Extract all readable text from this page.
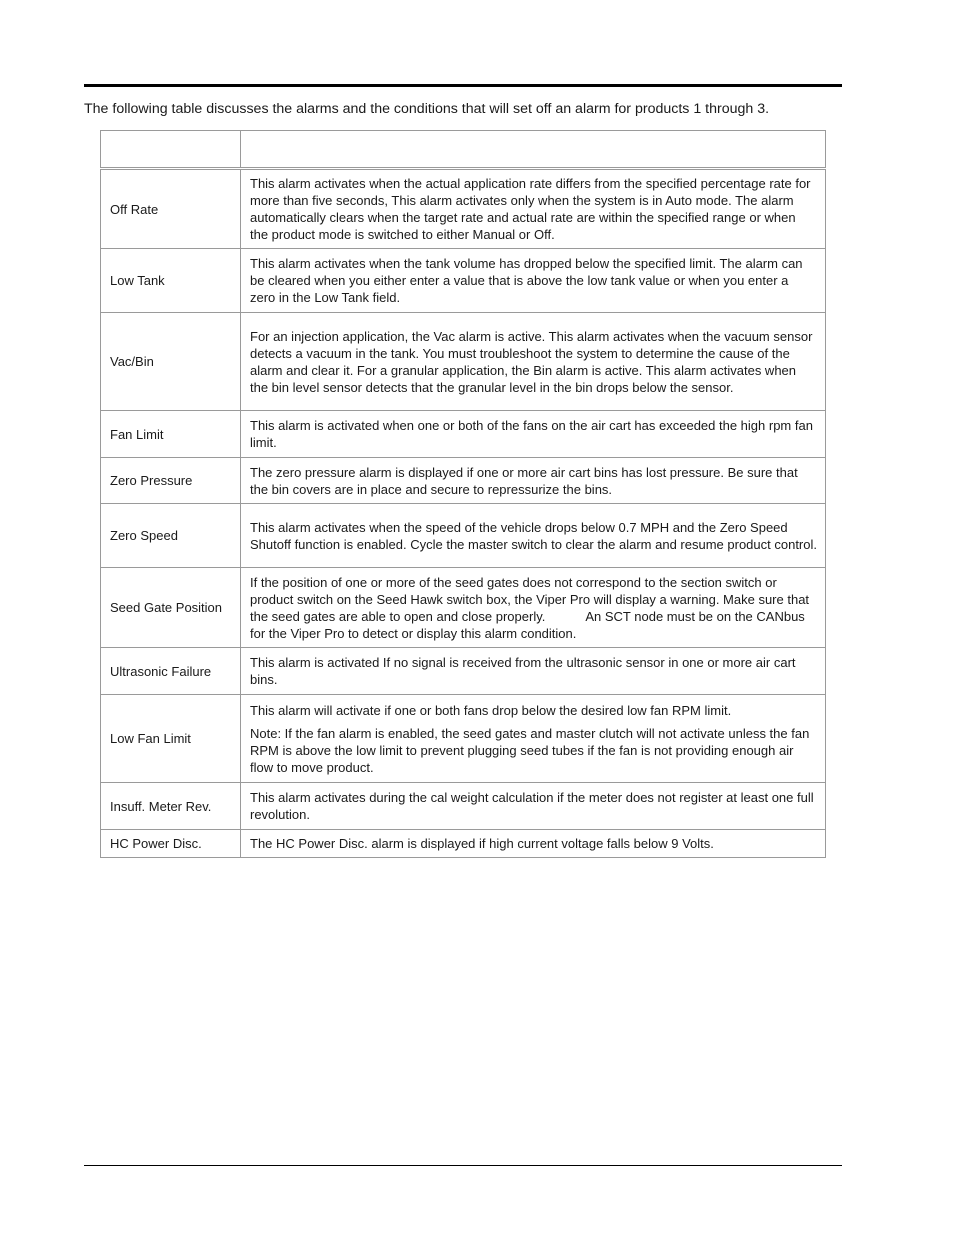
The following table discusses the alarms and the conditions that will set off an alarm for products 1 through 3.

Off Rate	This alarm activates when the actual application rate differs from the specified percentage rate for more than five seconds, This alarm activates only when the system is in Auto mode. The alarm automatically clears when the target rate and actual rate are within the specified range or when the product mode is switched to either Manual or Off.
Low Tank	This alarm activates when the tank volume has dropped below the specified limit. The alarm can be cleared when you either enter a value that is above the low tank value or when you enter a zero in the Low Tank field.
Vac/Bin	For an injection application, the Vac alarm is active. This alarm activates when the vacuum sensor detects a vacuum in the tank. You must troubleshoot the system to determine the cause of the alarm and clear it. For a granular application, the Bin alarm is active. This alarm activates when the bin level sensor detects that the granular level in the bin drops below the sensor.
Fan Limit	This alarm is activated when one or both of the fans on the air cart has exceeded the high rpm fan limit.
Zero Pressure	The zero pressure alarm is displayed if one or more air cart bins has lost pressure. Be sure that the bin covers are in place and secure to repressurize the bins.
Zero Speed	This alarm activates when the speed of the vehicle drops below 0.7 MPH and the Zero Speed Shutoff function is enabled. Cycle the master switch to clear the alarm and resume product control.
Seed Gate Position	If the position of one or more of the seed gates does not correspond to the section switch or product switch on the Seed Hawk switch box, the Viper Pro will display a warning. Make sure that the seed gates are able to open and close properly. An SCT node must be on the CANbus for the Viper Pro to detect or display this alarm condition.
Ultrasonic Failure	This alarm is activated If no signal is received from the ultrasonic sensor in one or more air cart bins.
Low Fan Limit	This alarm will activate if one or both fans drop below the desired low fan RPM limit.
Note: If the fan alarm is enabled, the seed gates and master clutch will not activate unless the fan RPM is above the low limit to prevent plugging seed tubes if the fan is not providing enough air flow to move product.

Insuff. Meter Rev.	This alarm activates during the cal weight calculation if the meter does not register at least one full revolution.
HC Power Disc.	The HC Power Disc. alarm is displayed if high current voltage falls below 9 Volts.
